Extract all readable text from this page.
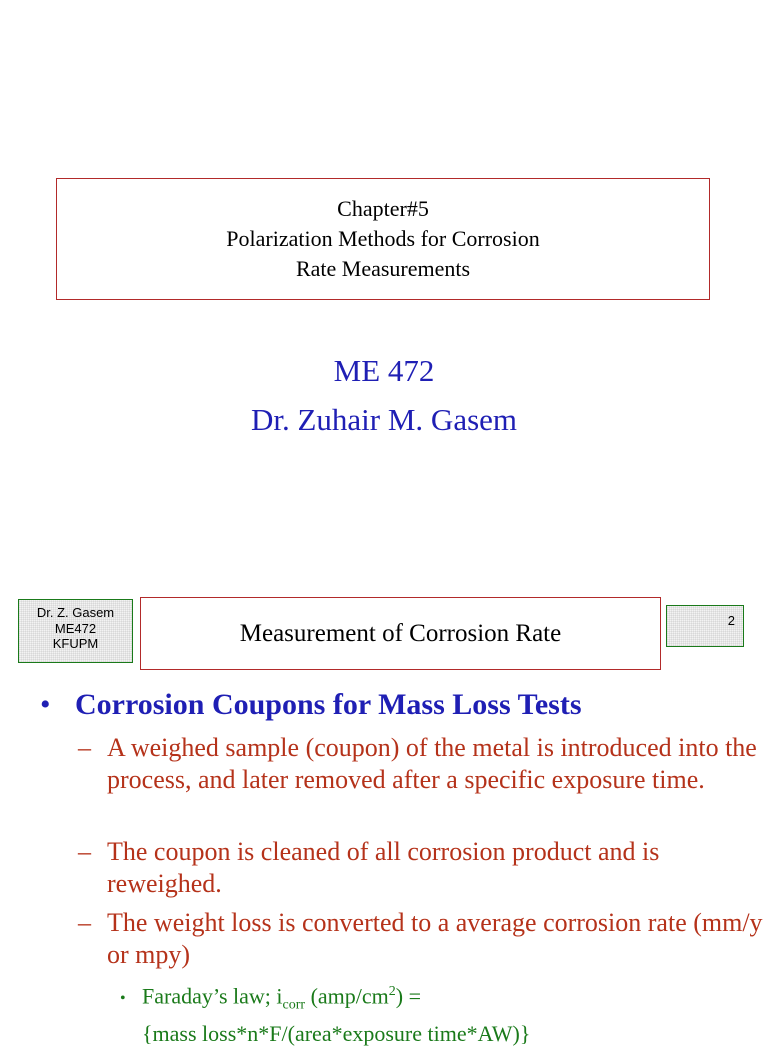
Chapter#5
Polarization Methods for Corrosion
Rate Measurements
ME 472
Dr. Zuhair M. Gasem
Dr. Z. Gasem
ME472
KFUPM	Measurement of Corrosion Rate	2
• Corrosion Coupons for Mass Loss Tests
– A weighed sample (coupon) of the metal is introduced into the process, and later removed after a specific exposure time.
– The coupon is cleaned of all corrosion product and is reweighed.
– The weight loss is converted to a average corrosion rate (mm/y or mpy)
• Faraday’s law; $i_{corr}$ $(amp/cm^2)$ =
{mass loss*n*F/(area*exposure time*AW)}
